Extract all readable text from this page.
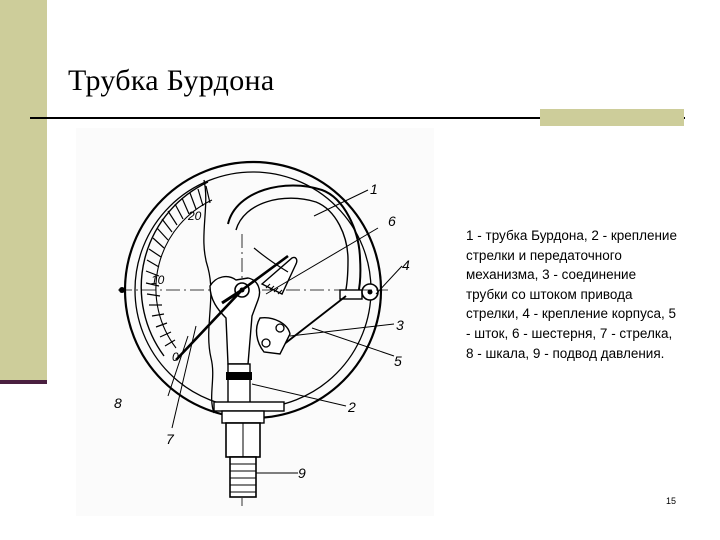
Трубка Бурдона
20
10
0
1
2
3
4
5
6
7
8
9
1 - трубка Бурдона, 2 - крепление стрелки и передаточного механизма, 3 - соединение трубки со штоком привода стрелки, 4 - крепление корпуса, 5 - шток, 6 - шестерня, 7 - стрелка, 8 - шкала, 9 - подвод давления.
15
